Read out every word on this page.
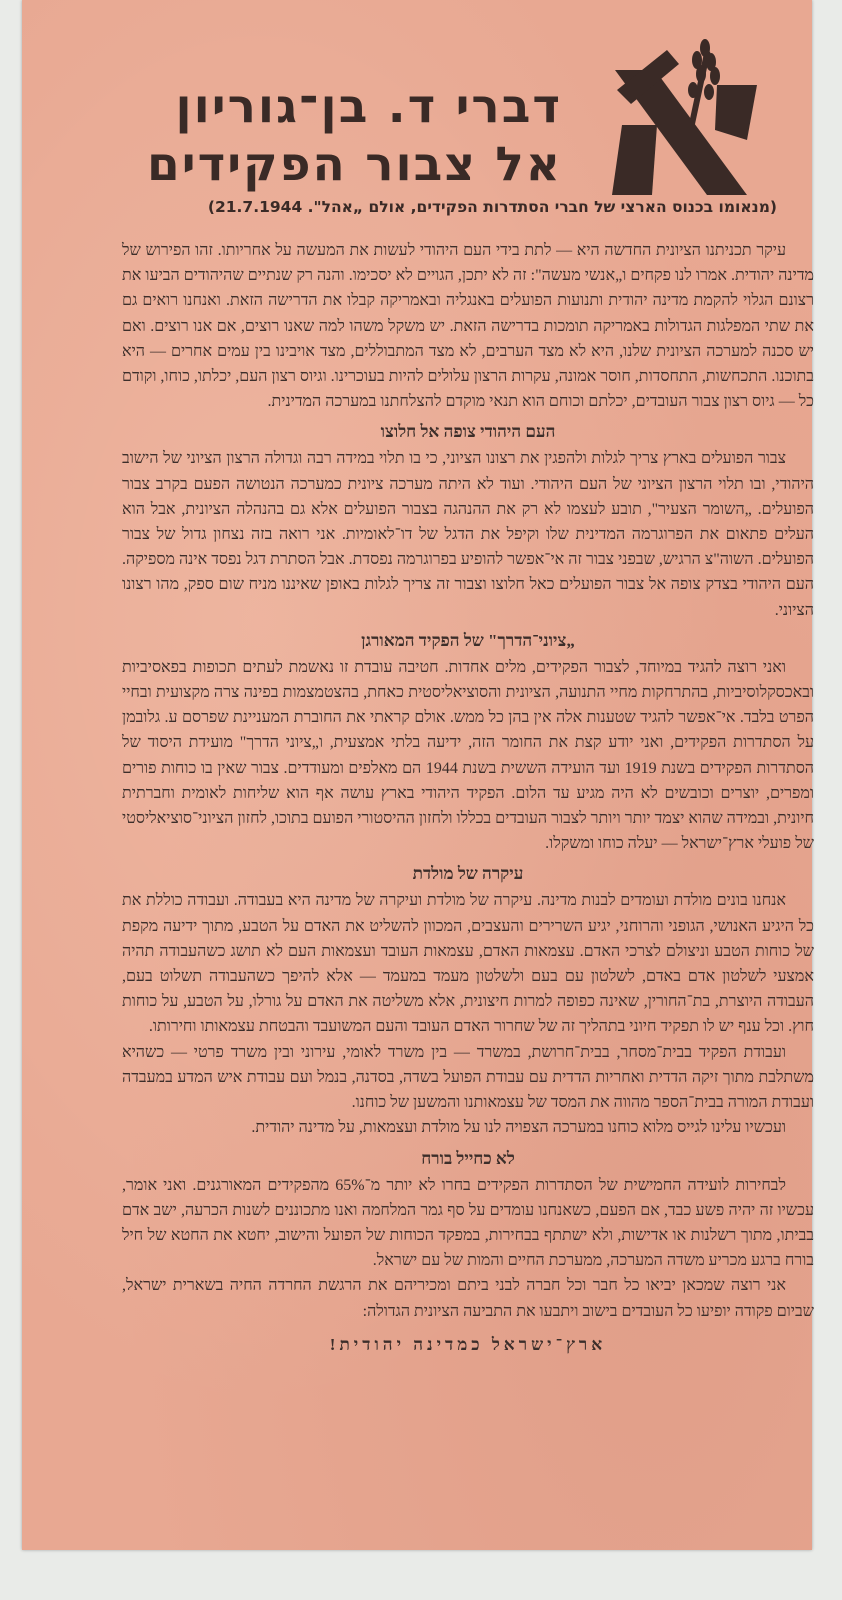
דברי ד. בן־גוריון
אל צבור הפקידים
(מנאומו בכנוס הארצי של חברי הסתדרות הפקידים, אולם „אהל". 21.7.1944)

עיקר תכניתנו הציונית החדשה היא — לתת בידי העם היהודי לעשות את המעשה על אחריותו. זהו הפירוש של מדינה יהודית. אמרו לנו פקחים ו„אנשי מעשה": זה לא יתכן, הגויים לא יסכימו. והנה רק שנתיים שהיהודים הביעו את רצונם הגלוי להקמת מדינה יהודית ותנועות הפועלים באנגליה ובאמריקה קבלו את הדרישה הזאת. ואנחנו רואים גם את שתי המפלגות הגדולות באמריקה תומכות בדרישה הזאת. יש משקל משהו למה שאנו רוצים, אם אנו רוצים. ואם יש סכנה למערכה הציונית שלנו, היא לא מצד הערבים, לא מצד המתבוללים, מצד אויבינו בין עמים אחרים — היא בתוכנו. התכחשות, התחסדות, חוסר אמונה, עקרות הרצון עלולים להיות בעוכרינו. וגיוס רצון העם, יכלתו, כוחו, וקודם כל — גיוס רצון צבור העובדים, יכלתם וכוחם הוא תנאי מוקדם להצלחתנו במערכה המדינית.

העם היהודי צופה אל חלוצו

צבור הפועלים בארץ צריך לגלות ולהפגין את רצונו הציוני, כי בו תלוי במידה רבה וגדולה הרצון הציוני של הישוב היהודי, ובו תלוי הרצון הציוני של העם היהודי. ועוד לא היתה מערכה ציונית כמערכה הנטושה הפעם בקרב צבור הפועלים. „השומר הצעיר", תובע לעצמו לא רק את ההנהגה בצבור הפועלים אלא גם בהנהלה הציונית, אבל הוא העלים פתאום את הפרוגרמה המדינית שלו וקיפל את הדגל של דו־לאומיות. אני רואה בזה נצחון גדול של צבור הפועלים. השוה"צ הרגיש, שבפני צבור זה אי־אפשר להופיע בפרוגרמה נפסדת. אבל הסתרת דגל נפסד אינה מספיקה. העם היהודי בצדק צופה אל צבור הפועלים כאל חלוצו וצבור זה צריך לגלות באופן שאיננו מניח שום ספק, מהו רצונו הציוני.

„ציוני־הדרך" של הפקיד המאורגן

ואני רוצה להגיד במיוחד, לצבור הפקידים, מלים אחדות. חטיבה עובדת זו נאשמת לעתים תכופות בפאסיביות ובאכסקלוסיביות, בהתרחקות מחיי התנועה, הציונית והסוציאליסטית כאחת, בהצטמצמות בפינה צרה מקצועית ובחיי הפרט בלבד. אי־אפשר להגיד שטענות אלה אין בהן כל ממש. אולם קראתי את החוברת המעניינת שפרסם ע. גלובמן על הסתדרות הפקידים, ואני יודע קצת את החומר הזה, ידיעה בלתי אמצעית, ו„ציוני הדרך" מועידת היסוד של הסתדרות הפקידים בשנת 1919 ועד הועידה הששית בשנת 1944 הם מאלפים ומעודדים. צבור שאין בו כוחות פורים ומפרים, יוצרים וכובשים לא היה מגיע עד הלום. הפקיד היהודי בארץ עושה אף הוא שליחות לאומית וחברתית חיונית, ובמידה שהוא יצמד יותר ויותר לצבור העובדים בכללו ולחזון ההיסטורי הפועם בתוכו, לחזון הציוני־סוציאליסטי של פועלי ארץ־ישראל — יעלה כוחו ומשקלו.

עיקרה של מולדת

אנחנו בונים מולדת ועומדים לבנות מדינה. עיקרה של מולדת ועיקרה של מדינה היא בעבודה. ועבודה כוללת את כל היגיע האנושי, הגופני והרוחני, יגיע השרירים והעצבים, המכוון להשליט את האדם על הטבע, מתוך ידיעה מקפת של כוחות הטבע וניצולם לצרכי האדם. עצמאות האדם, עצמאות העובד ועצמאות העם לא תושג כשהעבודה תהיה אמצעי לשלטון אדם באדם, לשלטון עם בעם ולשלטון מעמד במעמד — אלא להיפך כשהעבודה תשלוט בעם, העבודה היוצרת, בת־החורין, שאינה כפופה למרות חיצונית, אלא משליטה את האדם על גורלו, על הטבע, על כוחות חוץ. וכל ענף יש לו תפקיד חיוני בתהליך זה של שחרור האדם העובד והעם המשועבד והבטחת עצמאותו וחירותו.

ועבודת הפקיד בבית־מסחר, בבית־חרושת, במשרד — בין משרד לאומי, עירוני ובין משרד פרטי — כשהיא משתלבת מתוך זיקה הדדית ואחריות הדדית עם עבודת הפועל בשדה, בסדנה, בנמל ועם עבודת איש המדע במעבדה ועבודת המורה בבית־הספר מהווה את המסד של עצמאותנו והמשען של כוחנו.

ועכשיו עלינו לגייס מלוא כוחנו במערכה הצפויה לנו על מולדת ועצמאות, על מדינה יהודית.

לא כחייל בורח

לבחירות לועידה החמישית של הסתדרות הפקידים בחרו לא יותר מ־65% מהפקידים המאורגנים. ואני אומר, עכשיו זה יהיה פשע כבד, אם הפעם, כשאנחנו עומדים על סף גמר המלחמה ואנו מתכוננים לשנות הכרעה, ישב אדם בביתו, מתוך רשלנות או אדישות, ולא ישתתף בבחירות, במפקד הכוחות של הפועל והישוב, יחטא את החטא של חיל בורח ברגע מכריע משדה המערכה, ממערכת החיים והמות של עם ישראל.

אני רוצה שמכאן יביאו כל חבר וכל חברה לבני ביתם ומכיריהם את הרגשת החרדה החיה בשארית ישראל, שביום פקודה יופיעו כל העובדים בישוב ויתבעו את התביעה הציונית הגדולה:

ארץ־ישראל כמדינה יהודית!
